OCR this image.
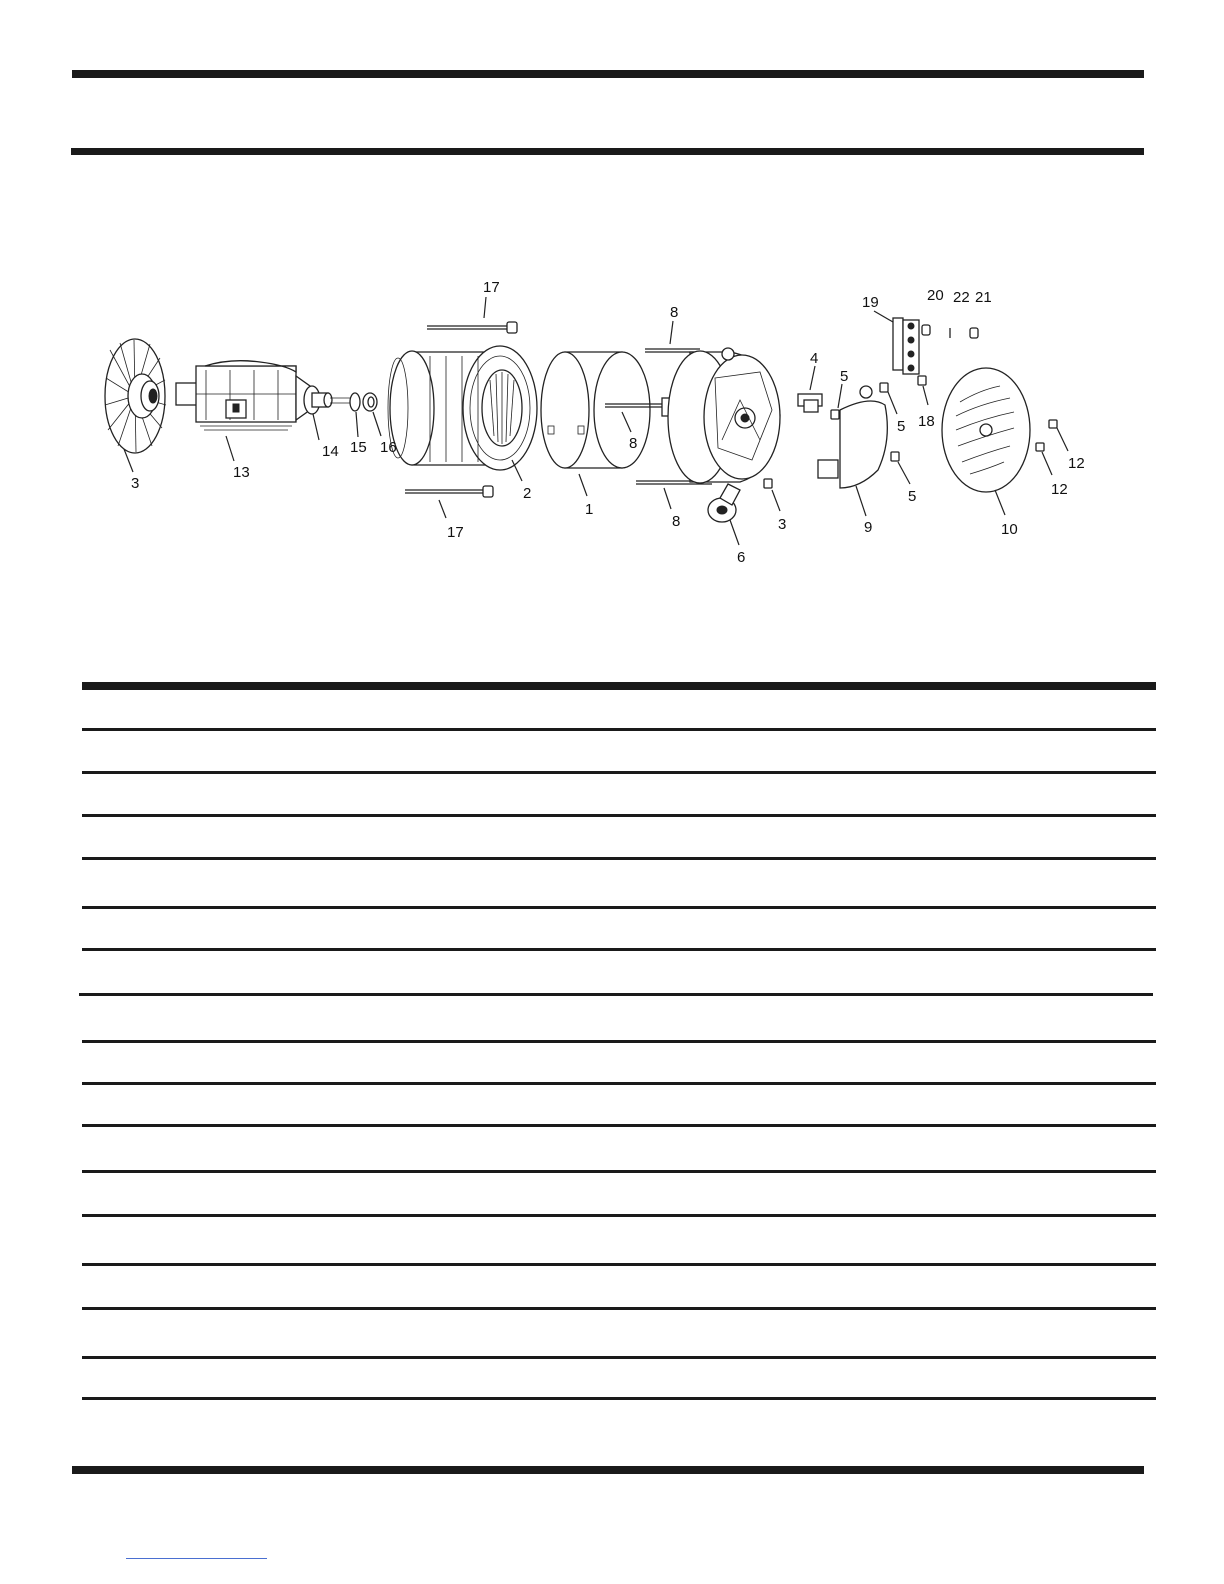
17
8
19	20 22 21
4
5
14 15 16
3
13
2
1
8
8
17	3
6
9
5
5
18
12
12
10
